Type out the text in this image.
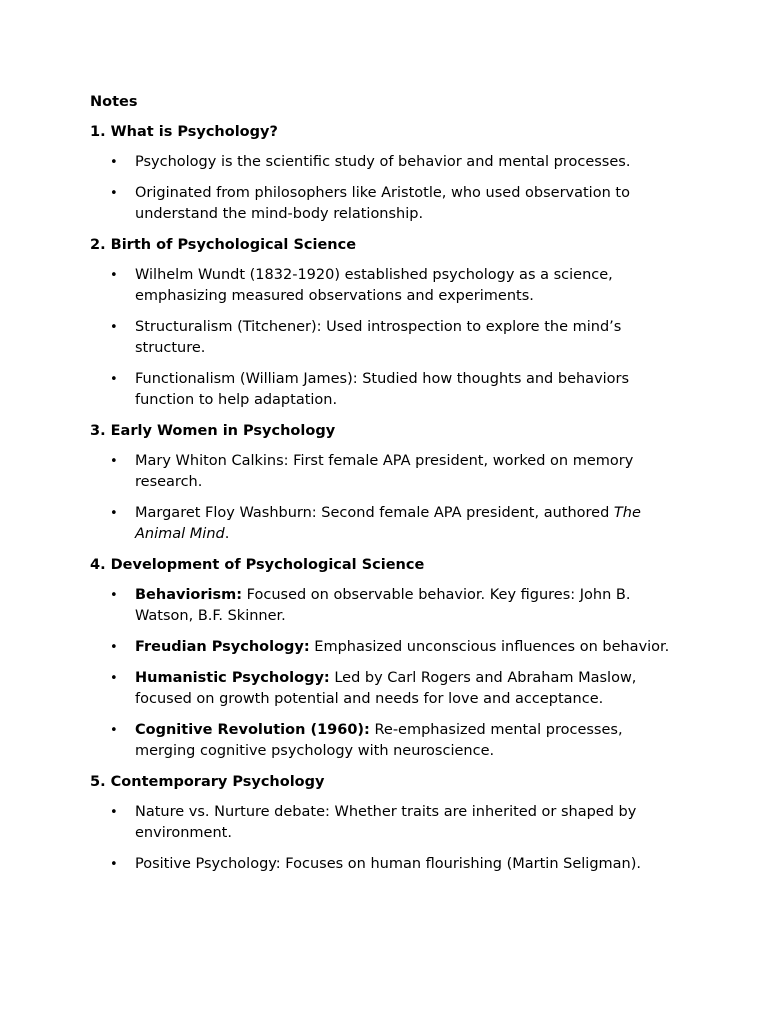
Notes
1. What is Psychology?
• Psychology is the scientific study of behavior and mental processes.
• Originated from philosophers like Aristotle, who used observation to understand the mind-body relationship.
2. Birth of Psychological Science
• Wilhelm Wundt (1832-1920) established psychology as a science, emphasizing measured observations and experiments.
• Structuralism (Titchener): Used introspection to explore the mind’s structure.
• Functionalism (William James): Studied how thoughts and behaviors function to help adaptation.
3. Early Women in Psychology
• Mary Whiton Calkins: First female APA president, worked on memory research.
• Margaret Floy Washburn: Second female APA president, authored The Animal Mind.
4. Development of Psychological Science
• Behaviorism: Focused on observable behavior. Key figures: John B. Watson, B.F. Skinner.
• Freudian Psychology: Emphasized unconscious influences on behavior.
• Humanistic Psychology: Led by Carl Rogers and Abraham Maslow, focused on growth potential and needs for love and acceptance.
• Cognitive Revolution (1960): Re-emphasized mental processes, merging cognitive psychology with neuroscience.
5. Contemporary Psychology
• Nature vs. Nurture debate: Whether traits are inherited or shaped by environment.
• Positive Psychology: Focuses on human flourishing (Martin Seligman).
